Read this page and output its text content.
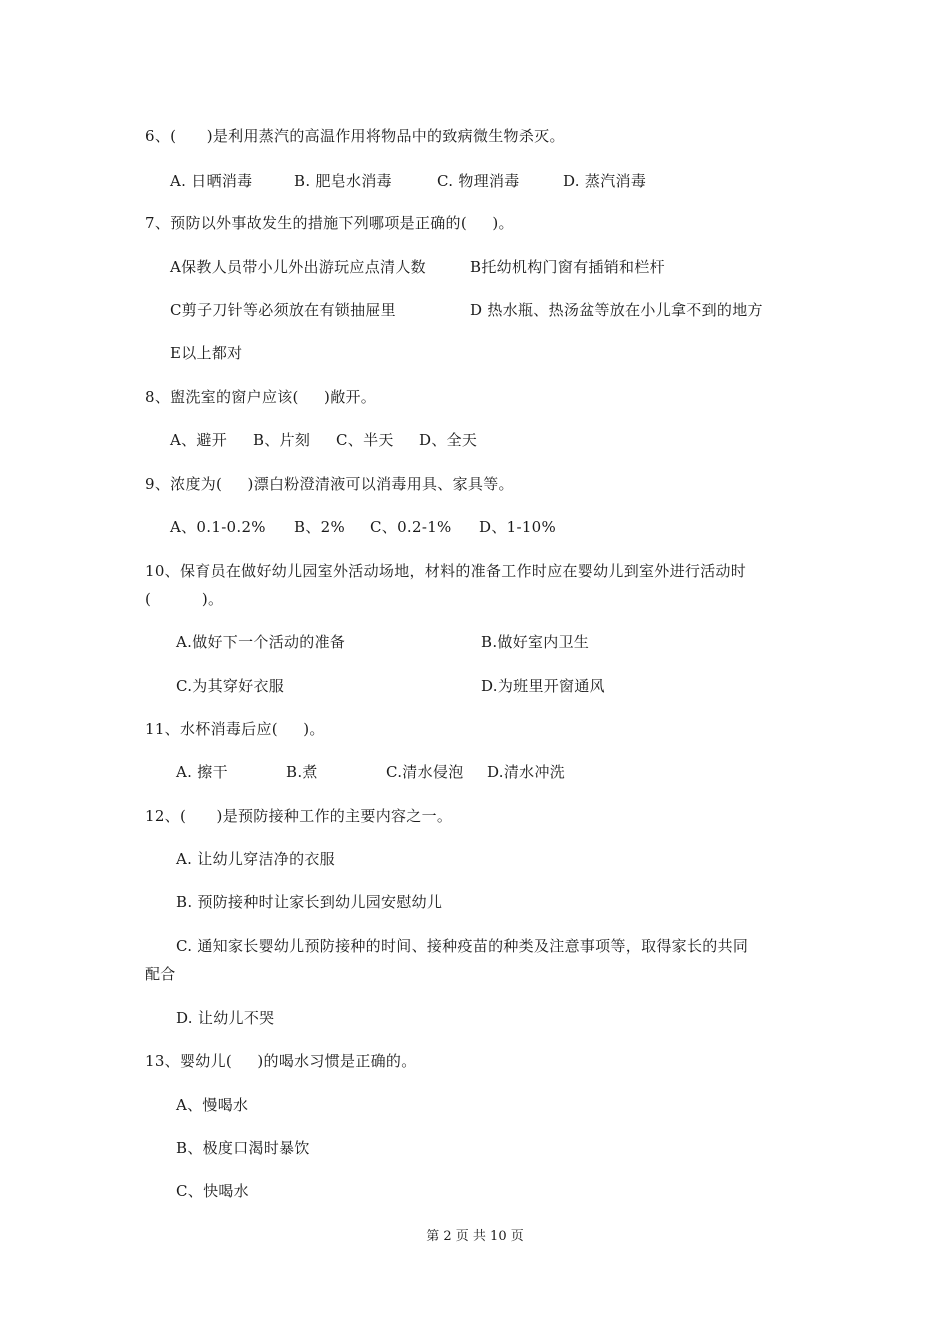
6、(      )是利用蒸汽的高温作用将物品中的致病微生物杀灭。
A. 日晒消毒	B. 肥皂水消毒	C. 物理消毒	D. 蒸汽消毒
7、预防以外事故发生的措施下列哪项是正确的(     )。
A保教人员带小儿外出游玩应点清人数	B托幼机构门窗有插销和栏杆
C剪子刀针等必须放在有锁抽屉里	D 热水瓶、热汤盆等放在小儿拿不到的地方
E以上都对
8、盥洗室的窗户应该(     )敞开。
A、避开 B、片刻 C、半天 D、全天
9、浓度为(     )漂白粉澄清液可以消毒用具、家具等。
A、0.1-0.2% B、2% C、0.2-1% D、1-10%
10、保育员在做好幼儿园室外活动场地，材料的准备工作时应在婴幼儿到室外进行活动时
(          )。
A.做好下一个活动的准备	B.做好室内卫生
C.为其穿好衣服	D.为班里开窗通风
11、水杯消毒后应(     )。
A. 擦干	B.煮	C.清水侵泡 D.清水冲洗
12、(      )是预防接种工作的主要内容之一。
A. 让幼儿穿洁净的衣服
B. 预防接种时让家长到幼儿园安慰幼儿
C. 通知家长婴幼儿预防接种的时间、接种疫苗的种类及注意事项等，取得家长的共同
配合
D. 让幼儿不哭
13、婴幼儿(     )的喝水习惯是正确的。
A、慢喝水
B、极度口渴时暴饮
C、快喝水
第 2 页 共 10 页
